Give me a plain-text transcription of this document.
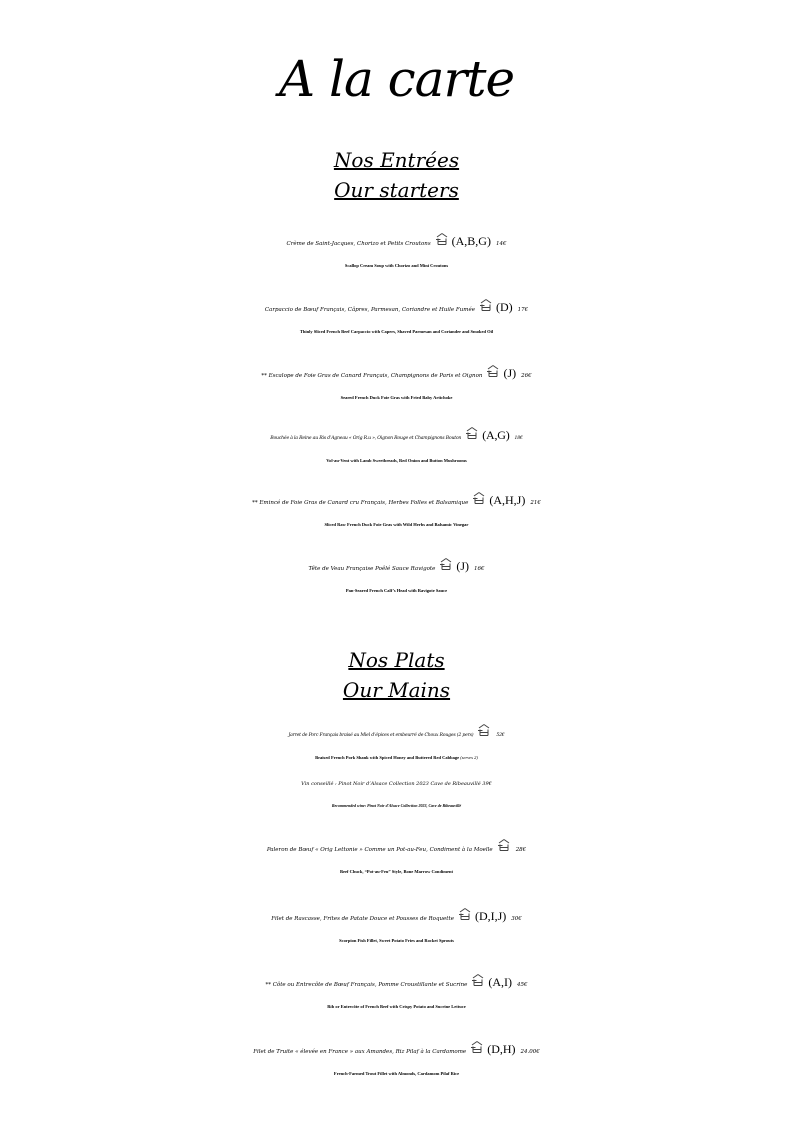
A la carte
Nos Entrées
Our starters
Crème de Saint-Jacques, Chorizo et Petits Croutons (A,B,G) 14€
Scallop Cream Soup with Chorizo and Mini Croutons
Carpaccio de Bœuf Français, Câpres, Parmesan, Coriandre et Huile Fumée (D) 17€
Thinly Sliced French Beef Carpaccio with Capers, Shaved Parmesan and Coriander and Smoked Oil
** Escalope de Foie Gras de Canard Français, Champignons de Paris et Oignon (J) 26€
Seared French Duck Foie Gras with Fried Baby Artichoke
Bouchée à la Reine au Ris d’Agneau « Orig R.u », Oignon Rouge et Champignons Bouton (A,G) 18€
Vol-au-Vent with Lamb Sweetbreads, Red Onion and Button Mushrooms
** Emincé de Foie Gras de Canard cru Français, Herbes Folles et Balsamique (A,H,J) 21€
Sliced Raw French Duck Foie Gras with Wild Herbs and Balsamic Vinegar
Tête de Veau Française Poêlé Sauce Ravigote (J) 16€
Pan-Seared French Calf’s Head with Ravigote Sauce
Nos Plats
Our Mains
Jarret de Porc Français braisé au Miel d’épices et embeurré de Choux Rouges (2 pers)	52€
Braised French Pork Shank with Spiced Honey and Buttered Red Cabbage (serves 2)
Vin conseillé : Pinot Noir d’Alsace Collection 2023 Cave de Ribeauvillé 39€
Recommended wine: Pinot Noir d'Alsace Collection 2023, Cave de Ribeauvillé
Paleron de Bœuf « Orig Lettonie » Comme un Pot-au-Feu, Condiment à la Moelle	28€
Beef Chuck, “Pot-au-Feu” Style, Bone Marrow Condiment
Filet de Rascasse, Frites de Patate Douce et Pousses de Roquette (D,I,J) 30€
Scorpion Fish Fillet, Sweet Potato Fries and Rocket Sprouts
** Côte ou Entrecôte de Bœuf Français, Pomme Croustillante et Sucrine (A,I) 45€
Rib or Entrecôte of French Beef with Crispy Potato and Sucrine Lettuce
Filet de Truite « élevée en France » aux Amandes, Riz Pilaf à la Cardamome (D,H) 24.00€
French-Farmed Trout Fillet with Almonds, Cardamom Pilaf Rice
